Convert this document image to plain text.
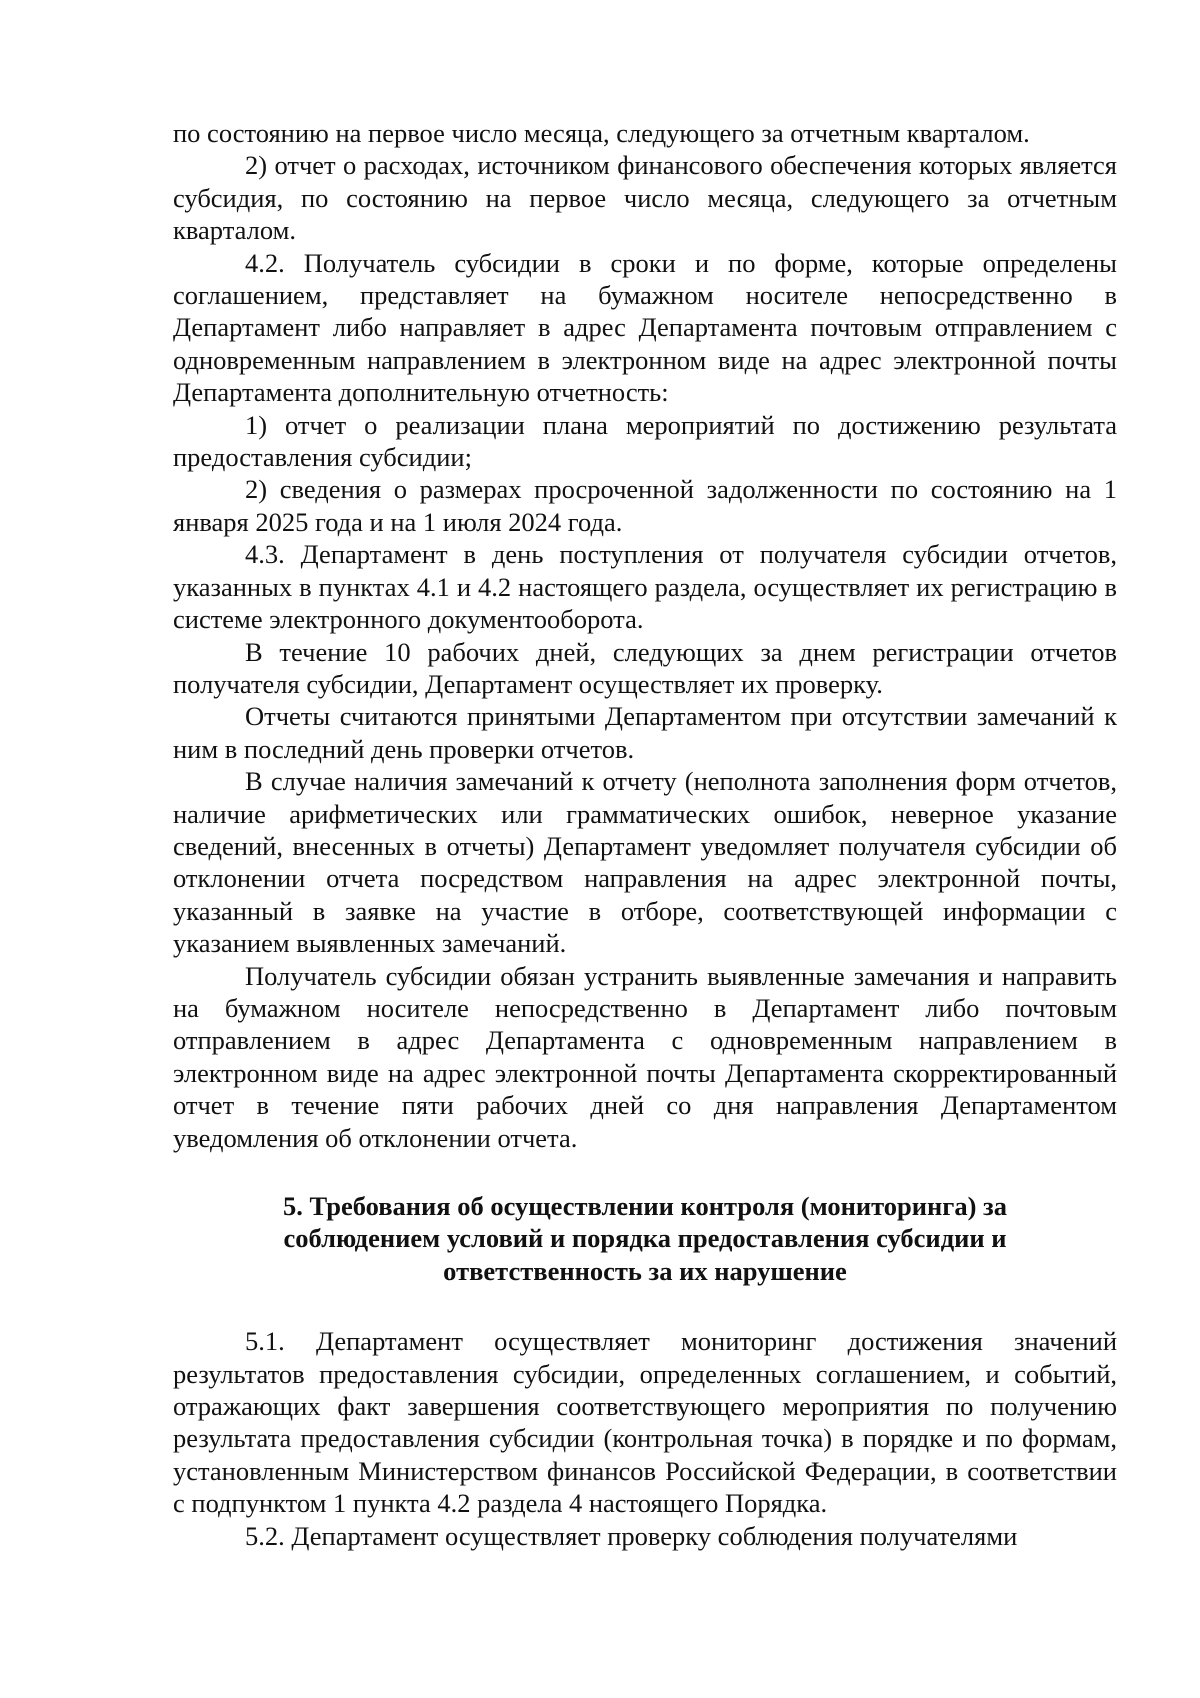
по состоянию на первое число месяца, следующего за отчетным кварталом.

2) отчет о расходах, источником финансового обеспечения которых является субсидия, по состоянию на первое число месяца, следующего за отчетным кварталом.

4.2. Получатель субсидии в сроки и по форме, которые определены соглашением, представляет на бумажном носителе непосредственно в Департамент либо направляет в адрес Департамента почтовым отправлением с одновременным направлением в электронном виде на адрес электронной почты Департамента дополнительную отчетность:

1) отчет о реализации плана мероприятий по достижению результата предоставления субсидии;

2) сведения о размерах просроченной задолженности по состоянию на 1 января 2025 года и на 1 июля 2024 года.

4.3. Департамент в день поступления от получателя субсидии отчетов, указанных в пунктах 4.1 и 4.2 настоящего раздела, осуществляет их регистрацию в системе электронного документооборота.

В течение 10 рабочих дней, следующих за днем регистрации отчетов получателя субсидии, Департамент осуществляет их проверку.

Отчеты считаются принятыми Департаментом при отсутствии замечаний к ним в последний день проверки отчетов.

В случае наличия замечаний к отчету (неполнота заполнения форм отчетов, наличие арифметических или грамматических ошибок, неверное указание сведений, внесенных в отчеты) Департамент уведомляет получателя субсидии об отклонении отчета посредством направления на адрес электронной почты, указанный в заявке на участие в отборе, соответствующей информации с указанием выявленных замечаний.

Получатель субсидии обязан устранить выявленные замечания и направить на бумажном носителе непосредственно в Департамент либо почтовым отправлением в адрес Департамента с одновременным направлением в электронном виде на адрес электронной почты Департамента скорректированный отчет в течение пяти рабочих дней со дня направления Департаментом уведомления об отклонении отчета.

5. Требования об осуществлении контроля (мониторинга) за
соблюдением условий и порядка предоставления субсидии и
ответственность за их нарушение

5.1. Департамент осуществляет мониторинг достижения значений результатов предоставления субсидии, определенных соглашением, и событий, отражающих факт завершения соответствующего мероприятия по получению результата предоставления субсидии (контрольная точка) в порядке и по формам, установленным Министерством финансов Российской Федерации, в соответствии с подпунктом 1 пункта 4.2 раздела 4 настоящего Порядка.

5.2. Департамент осуществляет проверку соблюдения получателями
